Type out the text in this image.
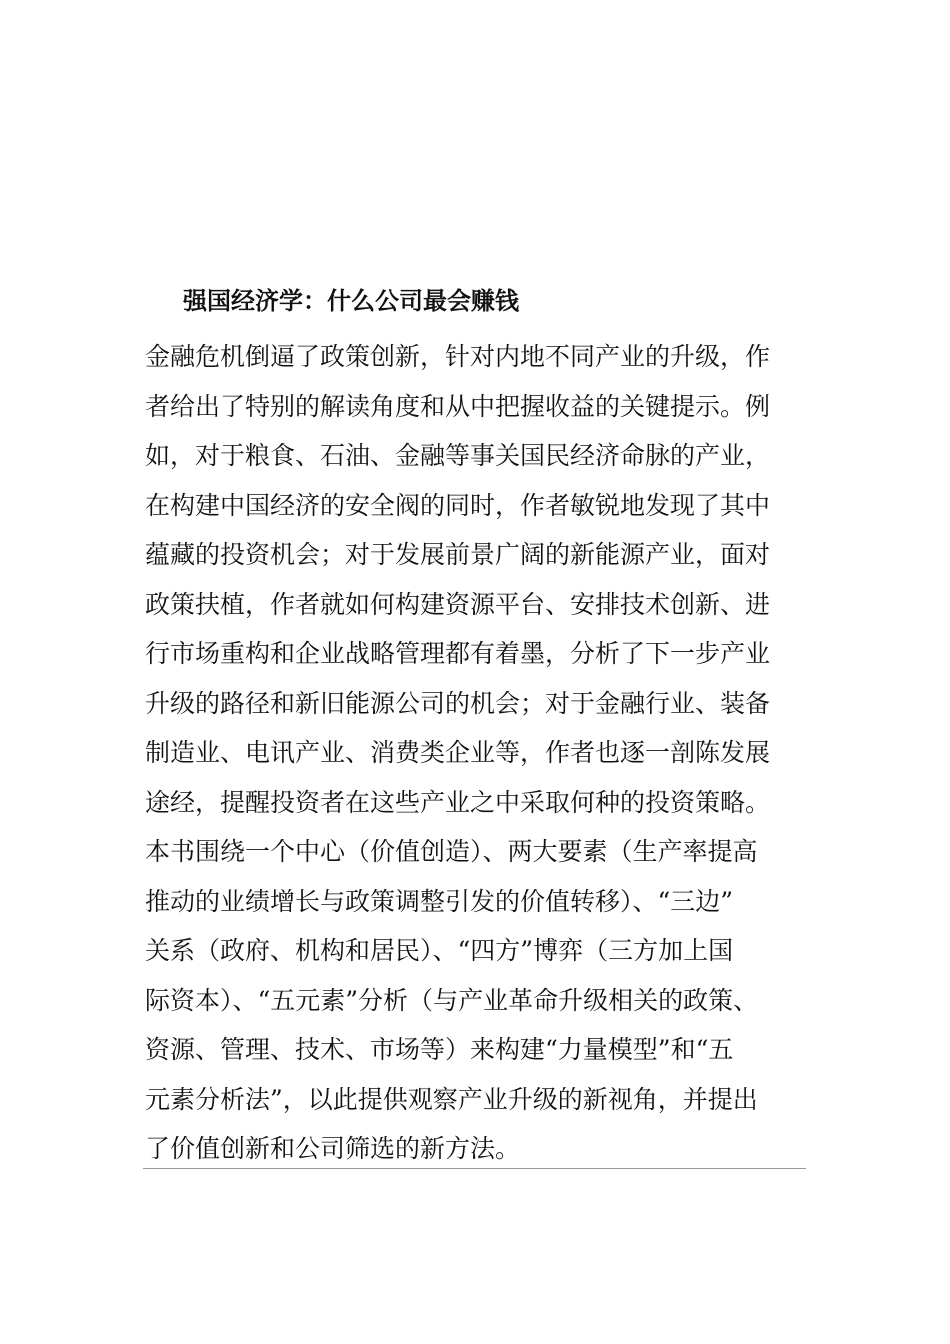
强国经济学：什么公司最会赚钱
金融危机倒逼了政策创新，针对内地不同产业的升级，作
者给出了特别的解读角度和从中把握收益的关键提示。例
如，对于粮食、石油、金融等事关国民经济命脉的产业，
在构建中国经济的安全阀的同时，作者敏锐地发现了其中
蕴藏的投资机会；对于发展前景广阔的新能源产业，面对
政策扶植，作者就如何构建资源平台、安排技术创新、进
行市场重构和企业战略管理都有着墨，分析了下一步产业
升级的路径和新旧能源公司的机会；对于金融行业、装备
制造业、电讯产业、消费类企业等，作者也逐一剖陈发展
途经，提醒投资者在这些产业之中采取何种的投资策略。
本书围绕一个中心（价值创造）、两大要素（生产率提高
推动的业绩增长与政策调整引发的价值转移）、“三边”
关系（政府、机构和居民）、“四方”博弈（三方加上国
际资本）、“五元素”分析（与产业革命升级相关的政策、
资源、管理、技术、市场等）来构建“力量模型”和“五
元素分析法”，以此提供观察产业升级的新视角，并提出
了价值创新和公司筛选的新方法。
